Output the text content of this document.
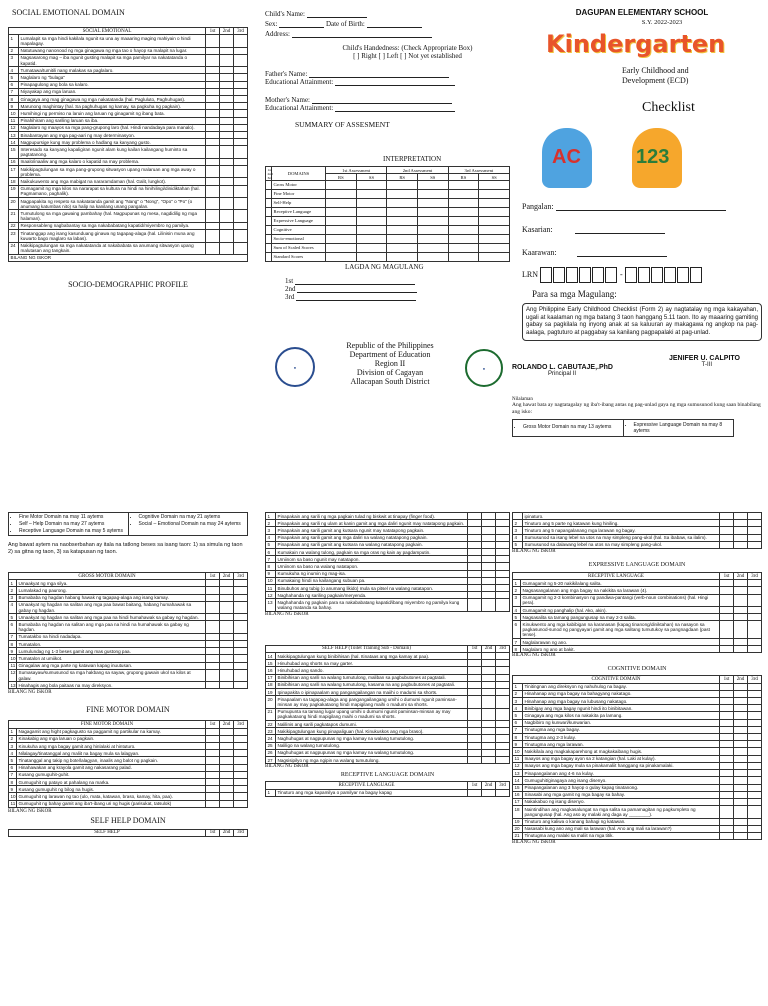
SOCIAL EMOTIONAL DOMAIN
SOCIAL EMOTIONAL		1st	2nd	3rd
1	Lumalapit sa mga hindi kakilala ngunit sa una ay maaaring maging mahiyain o hindi mapalagay.			
2	Natutuwang nanonood ng mga ginagawa ng mga tao o hayop sa malapit na lugar.			
3	Nagsasarong mag – iba ngunit gusting malapit sa mga pamilyar na nakatatanda o kapatid.			
4	Tumatawa/tumitili nang malakas sa paglalaro.			
5	Naglalaro ng "bulaga"			
6	Pinapagulong ang bola sa kalaro.			
7	Niyayakap ang mga laruan.			
8	Ginagaya ang mag ginagawa ng mga nakatatanda (hal. Pagluluto, Paghuhugas).			
9	Marunong maghintay (hal. Sa paghuhugas ng kamay, sa pagkuha ng pagkain).			
10	Humihingi ng permiso na laruin ang laruan ng ginagamit ng ibang bata.			
11	Pinahihiram ang sariling laruan sa iba.			
12	Naglalaro ng maayos sa mga pang-grupong laro (hal. Hindi nandadaya para manalo).			
13	Binabantayan ang mga pag-aari ng may determinasyon.			
14	Nagpupursige kung may problema o hadlang sa kanyang gusto.			
15	Interesado sa kanyang kapaligiran ngunit alam kung kailan kailangang huminto sa pagtatanong.			
16	Inaalo/inaaliw ang mga kalaro o kapatid na may problema.			
17	Nakikipagtulungan sa mga pang-grupong sitwasyon upang malaruan ang mga away o problema.			
18	Naikukuwento ang mga mabigat na nararamdaman (hal. Galit, lungkot).			
19	Gumagamit ng mga kilos na nararapat sa kultura na hindi na hinihilingi/dinidiktahan (hal. Pagmamano, paghalik).			
20	Nagpapakita ng respeto sa nakatatanda gamit ang "Nang" o "Nong", "Opo" o "Po" (o anumang katumbas nito) sa halip na kanilang unang pangalan.			
21	Tumutulong sa mga gawaing pambahay (hal. Nagpupunas ng mesa, nagdidilig ng mga halaman).			
22	Responsableng nagbabantay sa mga nakababatang kapatid/miyembro ng pamilya.			
23	Tinatanggap ang isang kasunduang ginawa ng tagapag-alaga (hal. Lilinisin muna ang kuwarto bago maglaro sa labas).			
24	Nakikipagtulungan sa mga nakatatanda at nakababata sa anumang sitwasyon upang malutasan ang tangkain.			
BILANG NG ISKOR				
SOCIO-DEMOGRAPHIC PROFILE
Child's Name:
Sex:	Date of Birth:
Address:
Child's Handedness: (Check Appropriate Box)
[ ] Right [ ] Left [ ] Not yet established
Father's Name:
Educational Attainment:
Mother's Name:
Educational Attainment:
SUMMARY OF ASSESMENT
INTERPRETATION
1st
2nd
3rd	DOMAINS	1st Assessment		2nd Assessment		3rd Assessment	
		RS	SS	RS	SS	RS	SS
	Gross Motor						
	Fine Motor						
	Self-Help						
	Receptive Language						
	Expressive Language						
	Cognitive						
	Socio-emotional						
	Sum of Scaled Scores						
	Standard Scores						
LAGDA NG MAGULANG
1st
2nd
3rd
●
Republic of the Philippines
Department of Education
Region II
Division of Cagayan
Allacapan South District
●
DAGUPAN ELEMENTARY SCHOOL
S.Y. 2022-2023
Kindergarten
Early Childhood and
Development (ECD)
Checklist
AC	123
Pangalan:
Kasarian:
Kaarawan:
LRN	-
Para sa mga Magulang:
Ang Philippine Early Childhood Checklist (Form 2) ay nagtatalay ng mga kakayahan, ugali at kaalaman ng mga batang 3 taon hanggang 5.11 taon. Ito ay maaaring gamiting gabay sa pagkilala ng inyong anak at sa kaluuran ay makagawa ng angkop na pag-aalaga, pagtuturo at paggabay sa kanilang pagpapalaki at pag-unlad.
JENIFER U. CALPITO
T-III
ROLANDO L. CABUTAJE,.PhD
Principal II
Nilalaman
Ang hawat bata ay nagtatagalay ng iba't-ibang antas ng pag-unlad gaya ng mga sumusunod kung saan binabilang ang isko:
• Gross Motor Domain na may 13 aytems	• Expressive Language Domain na may 8 aytems
• Fine Motor Domain na may 11 aytems
• Self – Help Domain na may 27 aytems
• Receptive Language Domain na may 5 aytems
• Cognitive Domain na may 21 aytems
• Social – Emotional Domain na may 24 aytems
Ang bawat aytem na naobserbahan ay itala na tatlong beses sa isang taon: 1) sa simula ng taon 2) sa gitna ng taon, 3) sa katapusan ng taon.
GROSS MOTOR DOMAIN		1st	2nd	3rd
1	Umaakyat ng mga silya.			
2	Lumalakad ng paurong.			
3	Bumababa ng hagdan habang hawak ng tagapag-alaga ang isang kamay.			
4	Umaakyat ng hagdan na salitan ang mga paa bawat baitang, habang humahawak sa gabay ng hagdan.			
5	Umaakyat ng hagdan na salitan ang mga paa na hindi humahawak sa gabay ng hagdan.			
6	Bumababa ng hagdan na salitan ang mga paa na hindi na humahawak sa gabay ng hagdan.			
7	Tumatakbo na hindi nadadapa.			
8	Tumatalon.			
9	Lumulundag ng 1-3 beses gamit ang mas gustong paa.			
10	Tumatalon at umiikot.			
11	Ginagalaw ang mga parte ng katawan kapag inuutusan.			
12	Sumasayaw/sumusunod sa mga hakbang sa sayaw, grupong gawain ukol sa kilos at galaw.			
13	Hinahagis ang bola paitaas na may direksyon.			
BILANG NG ISKOR
FINE MOTOR DOMAIN
FINE MOTOR DOMAIN		1st	2nd	3rd
1	Nagagamit ang hight pagkagusto sa paggamit ng partikular na kamay.			
2	Kinakabig ang mga laruan o pagkain.			
3	Kinukuha ang mga bagay gamit ang hinlalaki at hintuturo.			
4	Nilalagay/tinatanggal ang maliit na bagay mula sa lalagyan.			
5	Tinatanggal ang takip ng bote/lalagyan, inaalis ang balot ng pagkain.			
6	Hinahawakan ang krayola gamit ang nakasarang palad.			
7	Kusang gumuguhit-guhit.			
8	Gumuguhit ng patayo at pahalang na marka.			
9	Kusang gumuguhit ng bilog na hugis.			
10	Gumuguhit ng larawan ng tao (ulo, mata, katawan, braso, kamay, hita, paa).			
11	Gumuguhit ng bahay gamit ang iba't-ibang uri ng hugis (parisukat, tatsulok)			
BILANG NG ISKOR
SELF HELP DOMAIN
SELF HELP	1st	2nd	3rd
1	Pinapakain ang sarili ng mga pagkain tulad ng biskwit at tinapay (finger food).			
2	Pinapakain ang sarili ng ulam at kanin gamit ang mga daliri ngunit may natatapong pagkain.			
3	Pinapakain ang sarili gamit ang kutsara ngunit may natatapong pagkain.			
4	Pinapakain ang sarili gamit ang mga daliri na walang natatapong pagkain.			
5	Pinapakain ang sarili gamit ang kutsara na walang natatapong pagkain.			
6	Kumakain na walang tulong, pagkain sa mga oras ng kain ay pagdamputin.			
7	Umiinom sa baso ngunit may natatapon.			
8	Umiinom sa baso na walang natatapon.			
9	Kumukuha ng inumin ng mag-isa.			
10	Kumakaing hindi na kailangang subuan pa.			
11	Binubuhos ang tubig (o anumang likido) mula sa pitsel na walang natatapon.			
12	Naghahanda ng sariling pagkain/meryenda.			
13	Naghahanda ng pagkain para sa nakababatang kapatid/ibang miyembro ng pamilya kung walang matanda sa bahay.			
BILANG NG ISKOR
SELF HELP (Toilet Training Sub - Domain)		1st	2nd	3rd
14	Nakikipagtulungan kung binibihisan (hal. Itinataas ang mga kamay at paa).			
15	Hinuhubad ang shorts na may garter.			
16	Hinuhubad ang sando.			
17	Binibihisan ang sarili na walang tumutulong, maliban sa pagbubutones at pagtatali.			
18	Binibihisan ang sarili na walang tumutulong, kasama na ang pagbubutones at pagtatali.			
19	Ipinapakita o ipinapaalam ang pangangailangan na maiihi o madumi sa shorts.			
20	Pinapaalam sa tagapag-alaga ang pangangailangang umihi o dumumi ngunit paminsan-minsan ay may pagkakataong hindi mapigilang maihi o madumi sa shorts.			
21	Pumupunta sa tamang lugar upang umihi o dumumi ngunit paminsan-minsan ay may pagkakataong hindi mapigilang maihi o madumi sa shorts.			
22	Nalilinis ang sarili pagkatapos dumumi.			
23	Nakikipagtulungan kung pinapaliguan (hal. Kinukuskos ang mga braso).			
24	Naghuhugas at nagpupunas ng mga kamay na walang tumutulong.			
25	Naliligo na walang tumutulong.			
26	Naghuhugas at nagpupunas ng mga kamay na walang tumutulong.			
27	Nagsisipilyo ng mga ngipin na walang tumutulong.			
BILANG NG ISKOR
RECEPTIVE LANGUAGE DOMAIN
RECEPTIVE LANGUAGE		1st	2nd	3rd
1	Tinuturo ang mga kapamilya o pamilyar na bagay kapag			
	ipinaturo.			
2	Tinuturo ang 5 parte ng katawan kung hiniling.			
3	Tinuturo ang 5 napangalanang mga larawan ng bagay.			
4	Sumusunod sa isang lebel na utos na may simpleng pang-ukol (hal. Sa ibabaw, sa ilalim).			
5	Sumusunod sa dalawang lebel na utos na may simpleng pang-ukol.			
BILANG NG ISKOR
EXPRESSIVE LANGUAGE DOMAIN
RECEPTIVE LANGUAGE		1st	2nd	3rd
1	Gumagamit ng 5-20 nakikilalang salita.			
2	Nagsasangalanan ang mga bagay na nakikita sa larawan (4).			
3	Gumagamit ng 2-3 kombinasyon ng pandiwa-pantangi (verb-noun combinations) (hal. Hingi pera).			
4	Gumagamit ng panghalip (hal. Ako, akin).			
5	Nagsasalita sa tamang pangungusap na may 2-3 salita.			
6	Kinukwento ang mga kabibigan na karanasan (kapag tinanong/diniktahan) na nasayon sa pagkasunod-sunod ng pangyayari gamit ang mga salitang tumutukoy sa pangnagdaan (past tense).			
7	Naglalarawan ng ano.			
8	Naglalaro ng ano at bakit.			
BILANG NG ISKOR
COGNITIVE DOMAIN
COGNITIVE DOMAIN		1st	2nd	3rd
1	Tinitingnan ang direksyon ng nahuhulog na bagay.			
2	Hinahanap ang mga bagay na bahagyang nakatago.			
3	Hinahanap ang mga bagay na lubusang nakatago.			
4	Binibigay ang mga bagay ngunit hindi ito binibitawan.			
5	Ginagaya ang mga kilos na nakakita pa lamang.			
6	Nagbibiro ng kunwari/kunwarian.			
7	Tinutugma ang mga bagay.			
8	Tinutugma ang 2-3 kulay.			
9	Tinutugma ang mga larawan.			
10	Nakikilala ang magkakaparehong at magkakaibang hugis.			
11	Inaayos ang mga bagay ayon sa 2 katangian (hal. Laki at kulay).			
12	Inaayos ang mga bagay mula sa pinakamaliit hanggang sa pinakamalaki.			
13	Pinapangalanan ang 4-6 na kulay.			
14	Gumuguhit/ginagaya ang isang disenyo.			
15	Pinapangalanan ang 3 hayop o gulay kapag tinatanong.			
16	Sinasabi ang mga gamit ng mga bagay sa bahay.			
17	Nakakabuo ng isang disenyo.			
18	Naintindihan ang magkasalungat na mga salita sa pamamagitan ng pagkumpleto ng pangungusap (hal. Ang aso ay malaki ang daga ay ________).			
19	Tinuturo ang kaliwa o kanang bahagi ng katawan.			
20	Nasasabi kung ano ang mali sa larawan (hal. Ano ang mali sa larawan?)			
21	Tinutugma ang malaki sa maliit na mga titik.			
BILANG NG ISKOR
